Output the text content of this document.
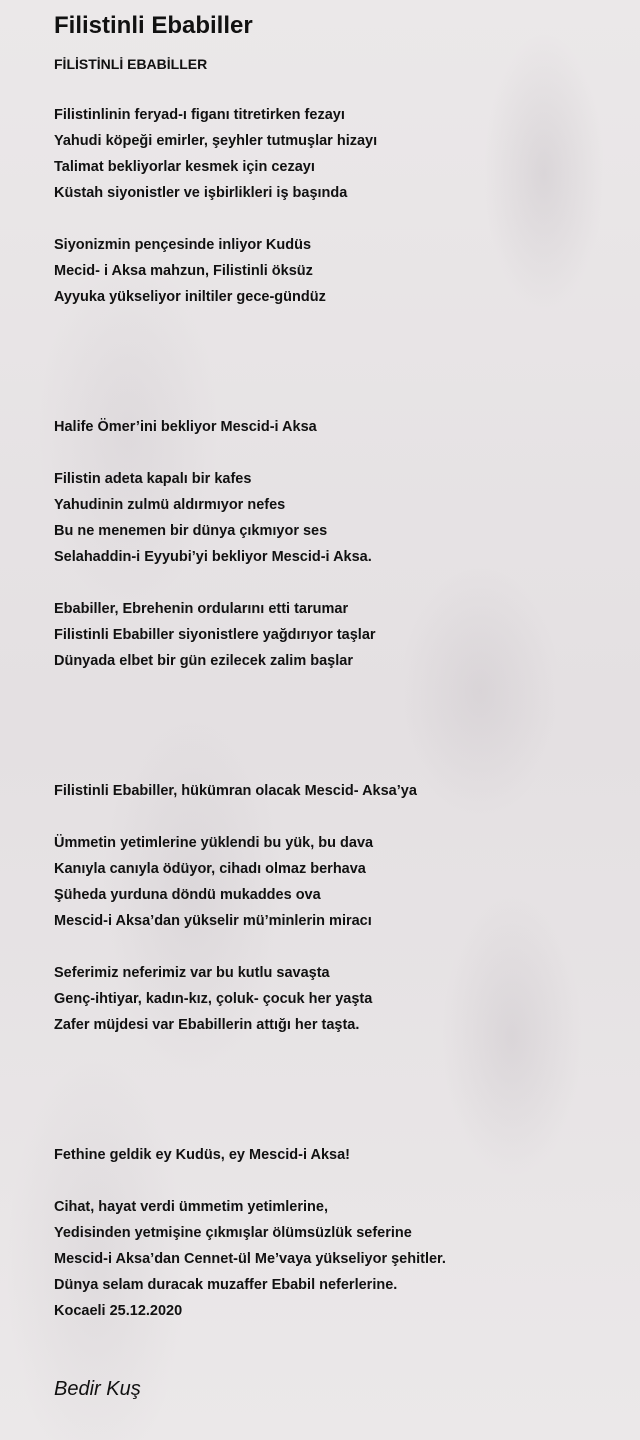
Filistinli Ebabiller
FİLİSTİNLİ EBABİLLER
Filistinlinin feryad-ı figanı titretirken fezayı
Yahudi köpeği emirler, şeyhler tutmuşlar hizayı
Talimat bekliyorlar kesmek için cezayı
Küstah siyonistler ve işbirlikleri iş başında
Siyonizmin pençesinde inliyor Kudüs
Mecid- i Aksa mahzun, Filistinli öksüz
Ayyuka yükseliyor iniltiler gece-gündüz
Halife Ömer’ini bekliyor Mescid-i Aksa
Filistin adeta kapalı bir kafes
Yahudinin zulmü aldırmıyor nefes
Bu ne menemen bir dünya çıkmıyor ses
Selahaddin-i Eyyubi’yi bekliyor Mescid-i Aksa.
Ebabiller, Ebrehenin ordularını etti tarumar
Filistinli Ebabiller siyonistlere yağdırıyor taşlar
Dünyada elbet bir gün ezilecek zalim başlar
Filistinli Ebabiller, hükümran olacak Mescid- Aksa’ya
Ümmetin yetimlerine yüklendi bu yük, bu dava
Kanıyla canıyla ödüyor, cihadı olmaz berhava
Şüheda yurduna döndü mukaddes ova
Mescid-i Aksa’dan yükselir mü’minlerin miracı
Seferimiz neferimiz var bu kutlu savaşta
Genç-ihtiyar, kadın-kız, çoluk- çocuk her yaşta
Zafer müjdesi var Ebabillerin attığı her taşta.
Fethine geldik ey Kudüs, ey Mescid-i Aksa!
Cihat, hayat verdi ümmetim yetimlerine,
Yedisinden yetmişine çıkmışlar ölümsüzlük seferine
Mescid-i Aksa’dan Cennet-ül Me’vaya yükseliyor şehitler.
Dünya selam duracak muzaffer Ebabil neferlerine.
Kocaeli 25.12.2020
Bedir Kuş
